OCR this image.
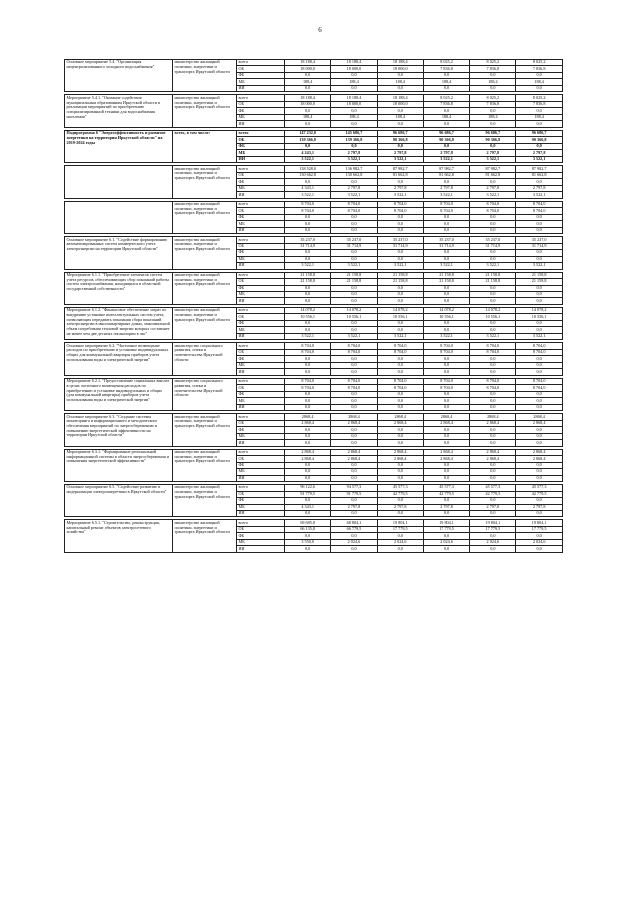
6
Основное мероприятие 5.4. "Организация нецентрализованного холодного водоснабжения"	министерство жилищной политики, энергетики и транспорта Иркутской области	всего	18 188,4	18 188,4	18 188,4	8 025,2	8 025,2	8 025,2
		ОБ	18 000,0	18 000,0	18 000,0	7 836,8	7 836,8	7 836,8
		ФБ	0,0	0,0	0,0	0,0	0,0	0,0
		МБ	188,4	188,4	188,4	188,4	188,4	188,4
		ИИ	0,0	0,0	0,0	0,0	0,0	0,0

Мероприятие 5.4.1. "Оказание содействия муниципальным образованиям Иркутской области в реализации мероприятий по приобретению специализированной техники для водоснабжения населения"	министерство жилищной политики, энергетики и транспорта Иркутской области	всего	18 188,4	18 188,4	18 188,4	8 025,2	8 025,2	8 025,2
		ОБ	18 000,0	18 000,0	18 000,0	7 836,8	7 836,8	7 836,8
		ФБ	0,0	0,0	0,0	0,0	0,0	0,0
		МБ	188,4	188,4	188,4	188,4	188,4	188,4
		ИИ	0,0	0,0	0,0	0,0	0,0	0,0

Подпрограмма 6 "Энергоэффективность и развитие энергетики на территории Иркутской области" на 2019-2024 годы	всего, в том числе:	всего	147 232,0	145 686,7	96 686,7	96 686,7	96 686,7	96 686,7
		ОБ	139 366,8	139 366,8	90 366,8	90 366,8	90 366,8	90 366,8
		ФБ	0,0	0,0	0,0	0,0	0,0	0,0
		МБ	4 243,1	2 797,8	2 797,8	2 797,8	2 797,8	2 797,8
		ИИ	3 522,1	3 522,1	3 522,1	3 522,1	3 522,1	3 522,1

	министерство жилищной политики, энергетики и транспорта Иркутской области	всего	138 528,0	136 982,7	87 982,7	87 982,7	87 982,7	87 982,7
		ОБ	130 662,8	130 662,8	81 662,8	81 662,8	81 662,8	81 662,8
		ФБ	0,0	0,0	0,0	0,0	0,0	0,0
		МБ	4 343,1	2 797,8	2 797,8	2 797,8	2 797,8	2 797,8
		ИИ	3 522,1	3 522,1	3 522,1	3 522,1	3 522,1	3 522,1

	министерство жилищной политики, энергетики и транспорта Иркутской области	всего	8 704,0	8 704,0	8 704,0	8 704,0	8 704,0	8 704,0
		ОБ	8 704,0	8 704,0	8 704,0	8 704,0	8 704,0	8 704,0
		ФБ	0,0	0,0	0,0	0,0	0,0	0,0
		МБ	0,0	0,0	0,0	0,0	0,0	0,0
		ИИ	0,0	0,0	0,0	0,0	0,0	0,0

Основное мероприятие 6.1. "Содействие формированию автоматизированных систем коммерческого учета электроэнергии на территории Иркутской области"	министерство жилищной политики, энергетики и транспорта Иркутской области	всего	35 237,0	35 237,0	35 237,0	35 237,0	35 237,0	35 237,0
		ОБ	31 714,9	31 714,9	31 714,9	31 714,9	31 714,9	31 714,9
		ФБ	0,0	0,0	0,0	0,0	0,0	0,0
		МБ	0,0	0,0	0,0	0,0	0,0	0,0
		ИИ	3 522,1	3 522,1	3 522,1	3 522,1	3 522,1	3 522,1

Мероприятие 6.1.1. "Приобретение элементов систем учета ресурсов, обеспечивающих сбор показаний работы систем электроснабжения, находящихся в областной государственной собственности"	министерство жилищной политики, энергетики и транспорта Иркутской области	всего	21 158,8	21 158,8	21 158,8	21 158,8	21 158,8	21 158,8
		ОБ	21 158,8	21 158,8	21 158,8	21 158,8	21 158,8	21 158,8
		ФБ	0,0	0,0	0,0	0,0	0,0	0,0
		МБ	0,0	0,0	0,0	0,0	0,0	0,0
		ИИ	0,0	0,0	0,0	0,0	0,0	0,0

Мероприятие 6.1.2. "Финансовое обеспечение затрат по внедрению установке интеллектуальных систем учета, позволяющих передавать показания сбора показаний электроэнергии в многоквартирных домах, максимальной объем потребления тепловой энергии которых составляет не менее чем две десятых гигакалории в час"	министерство жилищной политики, энергетики и транспорта Иркутской области	всего	14 078,2	14 078,2	14 078,2	14 078,2	14 078,2	14 078,2
		ОБ	10 556,1	10 556,1	10 556,1	10 556,1	10 556,1	10 556,1
		ФБ	0,0	0,0	0,0	0,0	0,0	0,0
		МБ	0,0	0,0	0,0	0,0	0,0	0,0
		ИИ	3 522,1	3 522,1	3 522,1	3 522,1	3 522,1	3 522,1

Основное мероприятие 6.2. "Частичное возмещение расходов по приобретению и установке индивидуальных общих для коммунальной квартиры приборов учета использования воды и электрической энергии"	министерство социального развития, опеки и попечительства Иркутской области	всего	8 704,0	8 704,0	8 704,0	8 704,0	8 704,0	8 704,0
		ОБ	8 704,0	8 704,0	8 704,0	8 704,0	8 704,0	8 704,0
		ФБ	0,0	0,0	0,0	0,0	0,0	0,0
		МБ	0,0	0,0	0,0	0,0	0,0	0,0
		ИИ	0,0	0,0	0,0	0,0	0,0	0,0

Мероприятие 6.2.1. "Предоставление социальных выплат в целях частичного возмещения расходов по приобретению и установке индивидуальных и общих (для коммунальной квартиры) приборов учета использования воды и электрической энергии"	министерство социального развития, опеки и попечительства Иркутской области	всего	8 704,0	8 704,0	8 704,0	8 704,0	8 704,0	8 704,0
		ОБ	8 704,0	8 704,0	8 704,0	8 704,0	8 704,0	8 704,0
		ФБ	0,0	0,0	0,0	0,0	0,0	0,0
		МБ	0,0	0,0	0,0	0,0	0,0	0,0
		ИИ	0,0	0,0	0,0	0,0	0,0	0,0

Основное мероприятие 6.3. "Создание системы мониторинга и информационного и методического обеспечения мероприятий по энергосбережению и повышению энергетической эффективности на территории Иркутской области"	министерство жилищной политики, энергетики и транспорта Иркутской области	всего	2868,4	2868,4	2868,4	2868,4	2868,4	2868,4
		ОБ	2 868,4	2 868,4	2 868,4	2 868,4	2 868,4	2 868,4
		ФБ	0,0	0,0	0,0	0,0	0,0	0,0
		МБ	0,0	0,0	0,0	0,0	0,0	0,0
		ИИ	0,0	0,0	0,0	0,0	0,0	0,0

Мероприятие 6.3.1. "Формирование региональной информационной системы в области энергосбережения и повышения энергетической эффективности"	министерство жилищной политики, энергетики и транспорта Иркутской области	всего	2 868,4	2 868,4	2 868,4	2 868,4	2 868,4	2 868,4
		ОБ	2 868,4	2 868,4	2 868,4	2 868,4	2 868,4	2 868,4
		ФБ	0,0	0,0	0,0	0,0	0,0	0,0
		МБ	0,0	0,0	0,0	0,0	0,0	0,0
		ИИ	0,0	0,0	0,0	0,0	0,0	0,0

Основное мероприятие 6.5. "Содействие развитию и модернизации электроэнергетики в Иркутской области"	министерство жилищной политики, энергетики и транспорта Иркутской области	всего	96 122,6	94 577,3	45 577,3	45 577,3	45 577,3	45 577,3
		ОБ	91 779,5	91 779,5	42 779,5	42 779,5	42 779,5	42 779,5
		ФБ	0,0	0,0	0,0	0,0	0,0	0,0
		МБ	4 343,1	2 797,8	2 797,8	2 797,8	2 797,8	2 797,8
		ИИ	0,0	0,0	0,0	0,0	0,0	0,0

Мероприятие 6.5.1. "Строительство, реконструкция, капитальный ремонт объектов электросетевого хозяйства"	министерство жилищной политики, энергетики и транспорта Иркутской области	всего	69 685,8	68 804,1	19 804,1	19 804,1	19 804,1	19 804,1
		ОБ	66 135,8	66 779,5	17 779,5	17 779,5	17 779,5	17 779,5
		ФБ	0,0	0,0	0,0	0,0	0,0	0,0
		МБ	3 550,0	2 024,6	2 024,6	2 024,6	2 024,6	2 024,6
		ИИ	0,0	0,0	0,0	0,0	0,0	0,0
